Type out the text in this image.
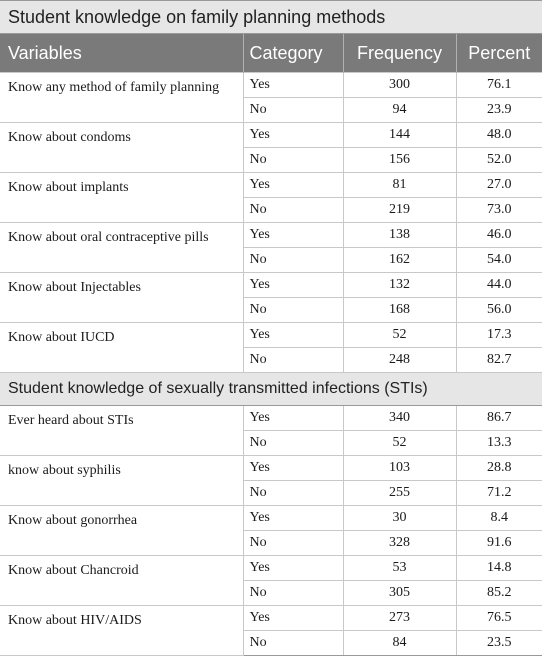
Student knowledge on family planning methods			
Variables	Category	Frequency	Percent
Know any method of family planning	Yes	300	76.1
	No	94	23.9
Know about condoms	Yes	144	48.0
	No	156	52.0
Know about implants	Yes	81	27.0
	No	219	73.0
Know about oral contraceptive pills	Yes	138	46.0
	No	162	54.0
Know about Injectables	Yes	132	44.0
	No	168	56.0
Know about IUCD	Yes	52	17.3
	No	248	82.7
Student knowledge of sexually transmitted infections (STIs)			
Ever heard about STIs	Yes	340	86.7
	No	52	13.3
know about syphilis	Yes	103	28.8
	No	255	71.2
Know about gonorrhea	Yes	30	8.4
	No	328	91.6
Know about Chancroid	Yes	53	14.8
	No	305	85.2
Know about HIV/AIDS	Yes	273	76.5
	No	84	23.5
